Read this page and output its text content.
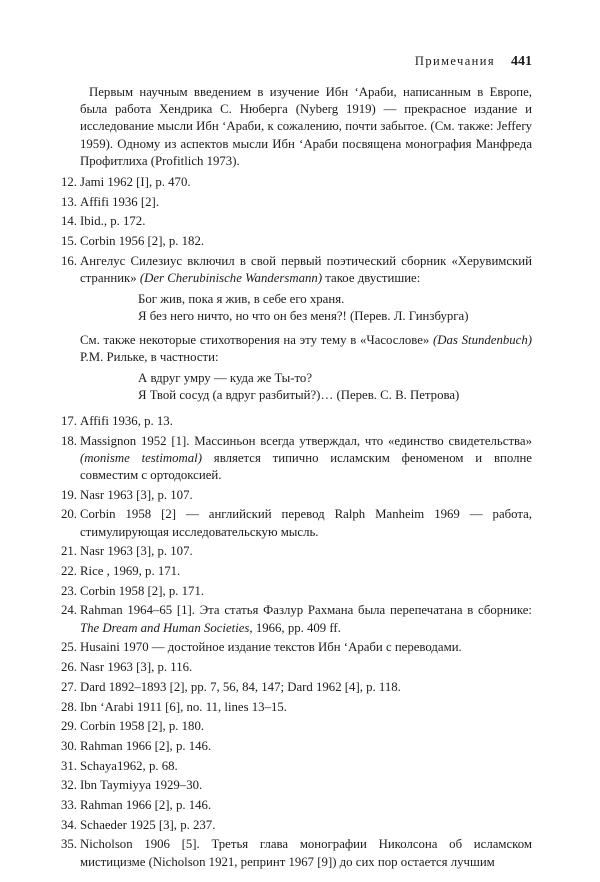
Примечания 441

Первым научным введением в изучение Ибн ‘Араби, написанным в Европе, была работа Хендрика С. Нюберга (Nyberg 1919) — прекрасное издание и исследование мысли Ибн ‘Араби, к сожалению, почти забытое. (См. также: Jeffery 1959). Одному из аспектов мысли Ибн ‘Араби посвящена монография Манфреда Профитлиха (Profitlich 1973).

12. Jami 1962 [I], p. 470.

13. Affifi 1936 [2].

14. Ibid., p. 172.

15. Corbin 1956 [2], p. 182.

16. Ангелус Силезиус включил в свой первый поэтический сборник «Херувимский странник» (Der Cherubinische Wandersmann) такое двустишие:

Бог жив, пока я жив, в себе его храня.
Я без него ничто, но что он без меня?! (Перев. Л. Гинзбурга)

См. также некоторые стихотворения на эту тему в «Часослове» (Das Stundenbuch) Р.М. Рильке, в частности:

А вдруг умру — куда же Ты-то?
Я Твой сосуд (а вдруг разбитый?)… (Перев. С. В. Петрова)
17. Affifi 1936, p. 13.

18. Massignon 1952 [1]. Массиньон всегда утверждал, что «единство свидетельства» (monisme testimomal) является типично исламским феноменом и вполне совместим с ортодоксией.

19. Nasr 1963 [3], p. 107.

20. Corbin 1958 [2] — английский перевод Ralph Manheim 1969 — работа, стимулирующая исследовательскую мысль.

21. Nasr 1963 [3], p. 107.

22. Rice , 1969, p. 171.

23. Corbin 1958 [2], p. 171.

24. Rahman 1964–65 [1]. Эта статья Фазлур Рахмана была перепечатана в сборнике: The Dream and Human Societies, 1966, pp. 409 ff.

25. Husaini 1970 — достойное издание текстов Ибн ‘Араби с переводами.

26. Nasr 1963 [3], p. 116.

27. Dard 1892–1893 [2], pp. 7, 56, 84, 147; Dard 1962 [4], p. 118.

28. Ibn ‘Arabi 1911 [6], no. 11, lines 13–15.

29. Corbin 1958 [2], p. 180.

30. Rahman 1966 [2], p. 146.

31. Schaya1962, p. 68.

32. Ibn Taymiyya 1929–30.

33. Rahman 1966 [2], p. 146.

34. Schaeder 1925 [3], p. 237.

35. Nicholson 1906 [5]. Третья глава монографии Николсона об исламском мистицизме (Nicholson 1921, репринт 1967 [9]) до сих пор остается лучшим
